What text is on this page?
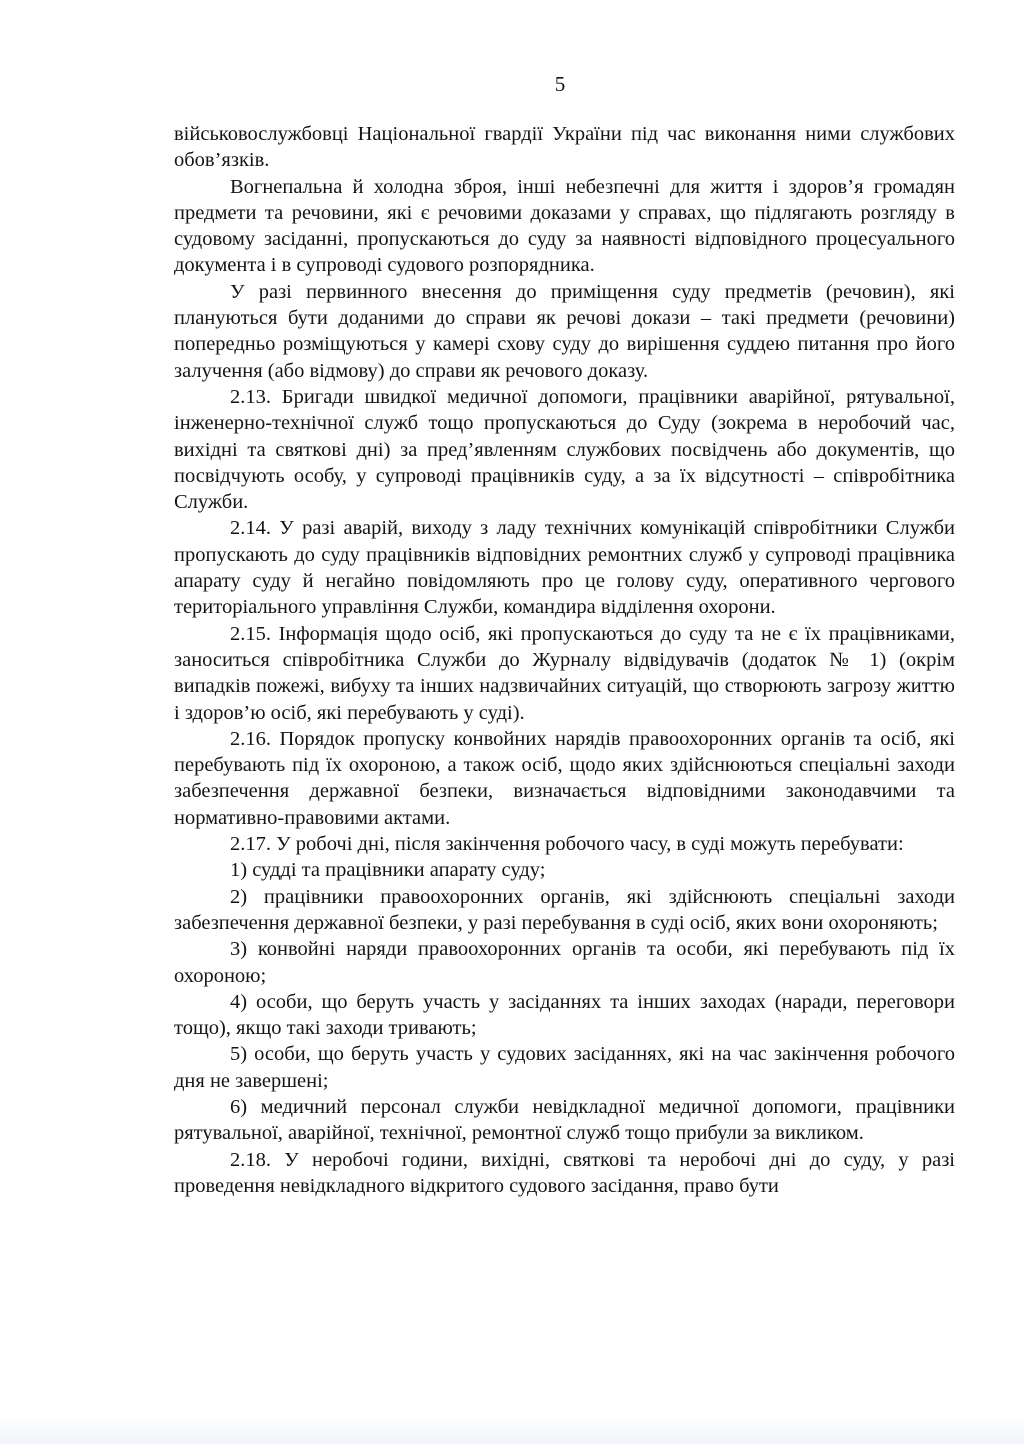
5

військовослужбовці Національної гвардії України під час виконання ними службових обов’язків.

Вогнепальна й холодна зброя, інші небезпечні для життя і здоров’я громадян предмети та речовини, які є речовими доказами у справах, що підлягають розгляду в судовому засіданні, пропускаються до суду за наявності відповідного процесуального документа і в супроводі судового розпорядника.

У разі первинного внесення до приміщення суду предметів (речовин), які плануються бути доданими до справи як речові докази – такі предмети (речовини) попередньо розміщуються у камері схову суду до вирішення суддею питання про його залучення (або відмову) до справи як речового доказу.

2.13. Бригади швидкої медичної допомоги, працівники аварійної, рятувальної, інженерно-технічної служб тощо пропускаються до Суду (зокрема в неробочий час, вихідні та святкові дні) за пред’явленням службових посвідчень або документів, що посвідчують особу, у супроводі працівників суду, а за їх відсутності – співробітника Служби.

2.14. У разі аварій, виходу з ладу технічних комунікацій співробітники Служби пропускають до суду працівників відповідних ремонтних служб у супроводі працівника апарату суду й негайно повідомляють про це голову суду, оперативного чергового територіального управління Служби, командира відділення охорони.

2.15. Інформація щодо осіб, які пропускаються до суду та не є їх працівниками, заноситься співробітника Служби до Журналу відвідувачів (додаток № 1) (окрім випадків пожежі, вибуху та інших надзвичайних ситуацій, що створюють загрозу життю і здоров’ю осіб, які перебувають у суді).

2.16. Порядок пропуску конвойних нарядів правоохоронних органів та осіб, які перебувають під їх охороною, а також осіб, щодо яких здійснюються спеціальні заходи забезпечення державної безпеки, визначається відповідними законодавчими та нормативно-правовими актами.

2.17. У робочі дні, після закінчення робочого часу, в суді можуть перебувати:

1) судді та працівники апарату суду;

2) працівники правоохоронних органів, які здійснюють спеціальні заходи забезпечення державної безпеки, у разі перебування в суді осіб, яких вони охороняють;

3) конвойні наряди правоохоронних органів та особи, які перебувають під їх охороною;

4) особи, що беруть участь у засіданнях та інших заходах (наради, переговори тощо), якщо такі заходи тривають;

5) особи, що беруть участь у судових засіданнях, які на час закінчення робочого дня не завершені;

6) медичний персонал служби невідкладної медичної допомоги, працівники рятувальної, аварійної, технічної, ремонтної служб тощо прибули за викликом.

2.18. У неробочі години, вихідні, святкові та неробочі дні до суду, у разі проведення невідкладного відкритого судового засідання, право бути
